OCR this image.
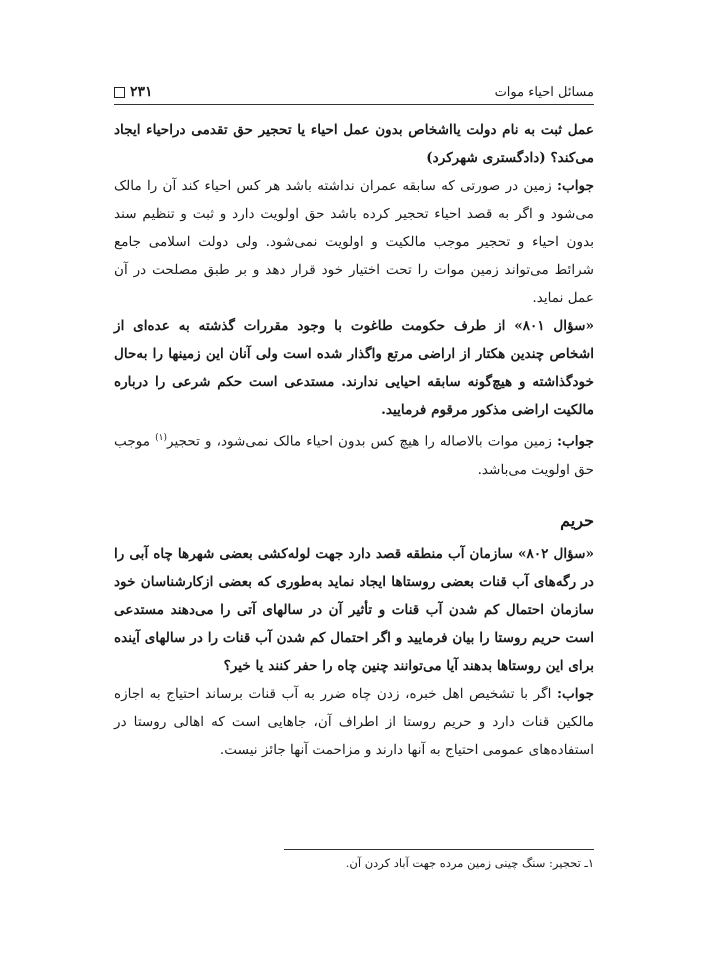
مسائل احیاء موات
۲۳۱

عمل ثبت به نام دولت یااشخاص بدون عمل احیاء یا تحجیر حق تقدمی دراحیاء ایجاد می‌کند؟ (دادگستری شهرکرد)

جواب: زمین در صورتی که سابقه عمران نداشته باشد هر کس احیاء کند آن را مالک می‌شود و اگر به قصد احیاء تحجیر کرده باشد حق اولویت دارد و ثبت و تنظیم سند بدون احیاء و تحجیر موجب مالکیت و اولویت نمی‌شود. ولی دولت اسلامی جامع شرائط می‌تواند زمین موات را تحت اختیار خود قرار دهد و بر طبق مصلحت در آن عمل نماید.

«سؤال ۸۰۱» از طرف حکومت طاغوت با وجود مقررات گذشته به عده‌ای از اشخاص چندین هکتار از اراضی مرتع واگذار شده است ولی آنان این زمینها را به‌حال خودگذاشته و هیچ‌گونه سابقه احیایی ندارند. مستدعی است حکم شرعی را درباره مالکیت اراضی مذکور مرقوم فرمایید.

جواب: زمین موات بالاصاله را هیچ کس بدون احیاء مالک نمی‌شود، و تحجیر$^{(۱)}$ موجب حق اولویت می‌باشد.

حریم

«سؤال ۸۰۲» سازمان آب منطقه قصد دارد جهت لوله‌کشی بعضی شهرها چاه آبی را در رگه‌های آب قنات بعضی روستاها ایجاد نماید به‌طوری که بعضی ازکارشناسان خود سازمان احتمال کم شدن آب قنات و تأثیر آن در سالهای آتی را می‌دهند مستدعی است حریم روستا را بیان فرمایید و اگر احتمال کم شدن آب قنات را در سالهای آینده برای این روستاها بدهند آیا می‌توانند چنین چاه را حفر کنند یا خیر؟

جواب: اگر با تشخیص اهل خبره، زدن چاه ضرر به آب قنات برساند احتیاج به اجازه مالکین قنات دارد و حریم روستا از اطراف آن، جاهایی است که اهالی روستا در استفاده‌های عمومی احتیاج به آنها دارند و مزاحمت آنها جائز نیست.

۱ـ تحجیر: سنگ چینی زمین مرده جهت آباد کردن آن.
